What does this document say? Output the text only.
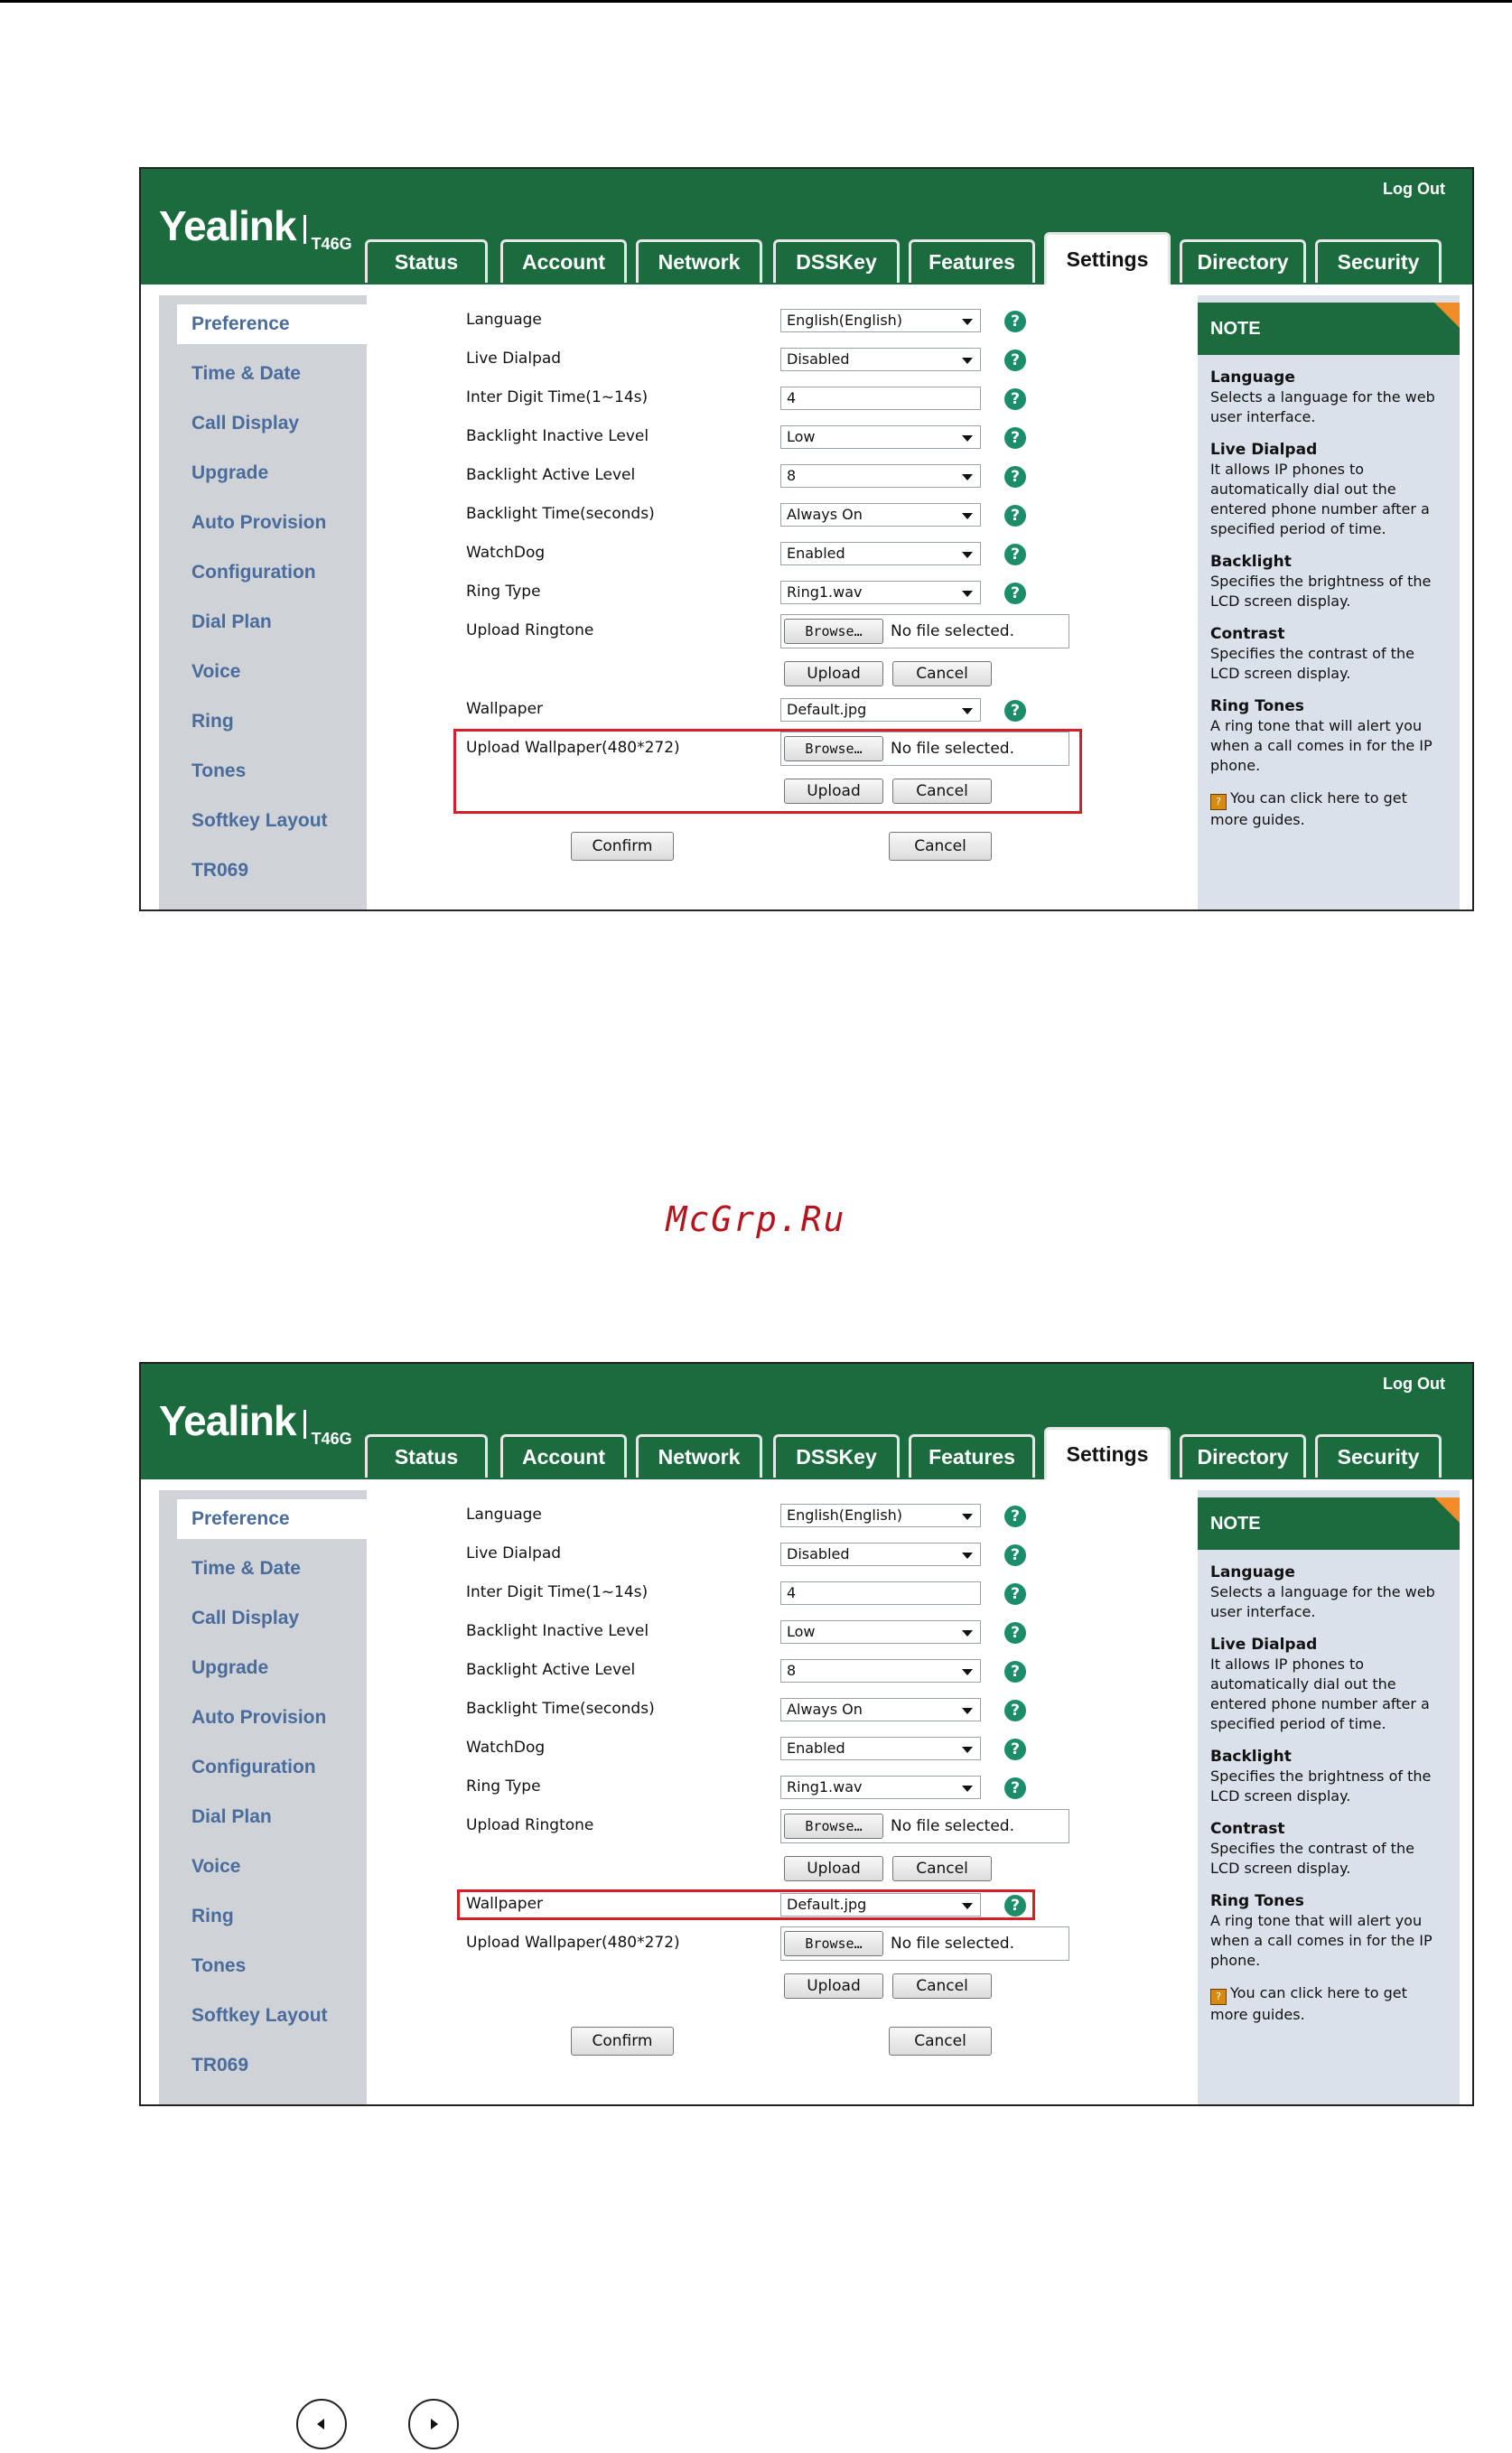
Yealink $_{T46G}$
Log Out
Status	Account	Network	DSSKey	Features	Settings	Directory	Security
Preference
Time & Date
Call Display
Upgrade
Auto Provision
Configuration
Dial Plan
Voice
Ring
Tones
Softkey Layout
TR069
Language	English(English)	?
Live Dialpad	Disabled	?
Inter Digit Time(1~14s)	4	?
Backlight Inactive Level	Low	?
Backlight Active Level	8	?
Backlight Time(seconds)	Always On	?
WatchDog	Enabled	?
Ring Type	Ring1.wav	?
Upload Ringtone	Browse…	No file selected.
Upload	Cancel
Wallpaper	Default.jpg	?
Upload Wallpaper(480*272)	Browse…	No file selected.
Upload	Cancel
Confirm	Cancel
NOTE
Language
Selects a language for the web user interface.
Live Dialpad
It allows IP phones to automatically dial out the entered phone number after a specified period of time.
Backlight
Specifies the brightness of the LCD screen display.
Contrast
Specifies the contrast of the LCD screen display.
Ring Tones
A ring tone that will alert you when a call comes in for the IP phone.
? You can click here to get more guides.
McGrp.Ru
Yealink $_{T46G}$
Log Out
Status	Account	Network	DSSKey	Features	Settings	Directory	Security
Preference
Time & Date
Call Display
Upgrade
Auto Provision
Configuration
Dial Plan
Voice
Ring
Tones
Softkey Layout
TR069
Language	English(English)	?
Live Dialpad	Disabled	?
Inter Digit Time(1~14s)	4	?
Backlight Inactive Level	Low	?
Backlight Active Level	8	?
Backlight Time(seconds)	Always On	?
WatchDog	Enabled	?
Ring Type	Ring1.wav	?
Upload Ringtone	Browse…	No file selected.
Upload	Cancel
Wallpaper	Default.jpg	?
Upload Wallpaper(480*272)	Browse…	No file selected.
Upload	Cancel
Confirm	Cancel
NOTE
Language
Selects a language for the web user interface.
Live Dialpad
It allows IP phones to automatically dial out the entered phone number after a specified period of time.
Backlight
Specifies the brightness of the LCD screen display.
Contrast
Specifies the contrast of the LCD screen display.
Ring Tones
A ring tone that will alert you when a call comes in for the IP phone.
? You can click here to get more guides.
